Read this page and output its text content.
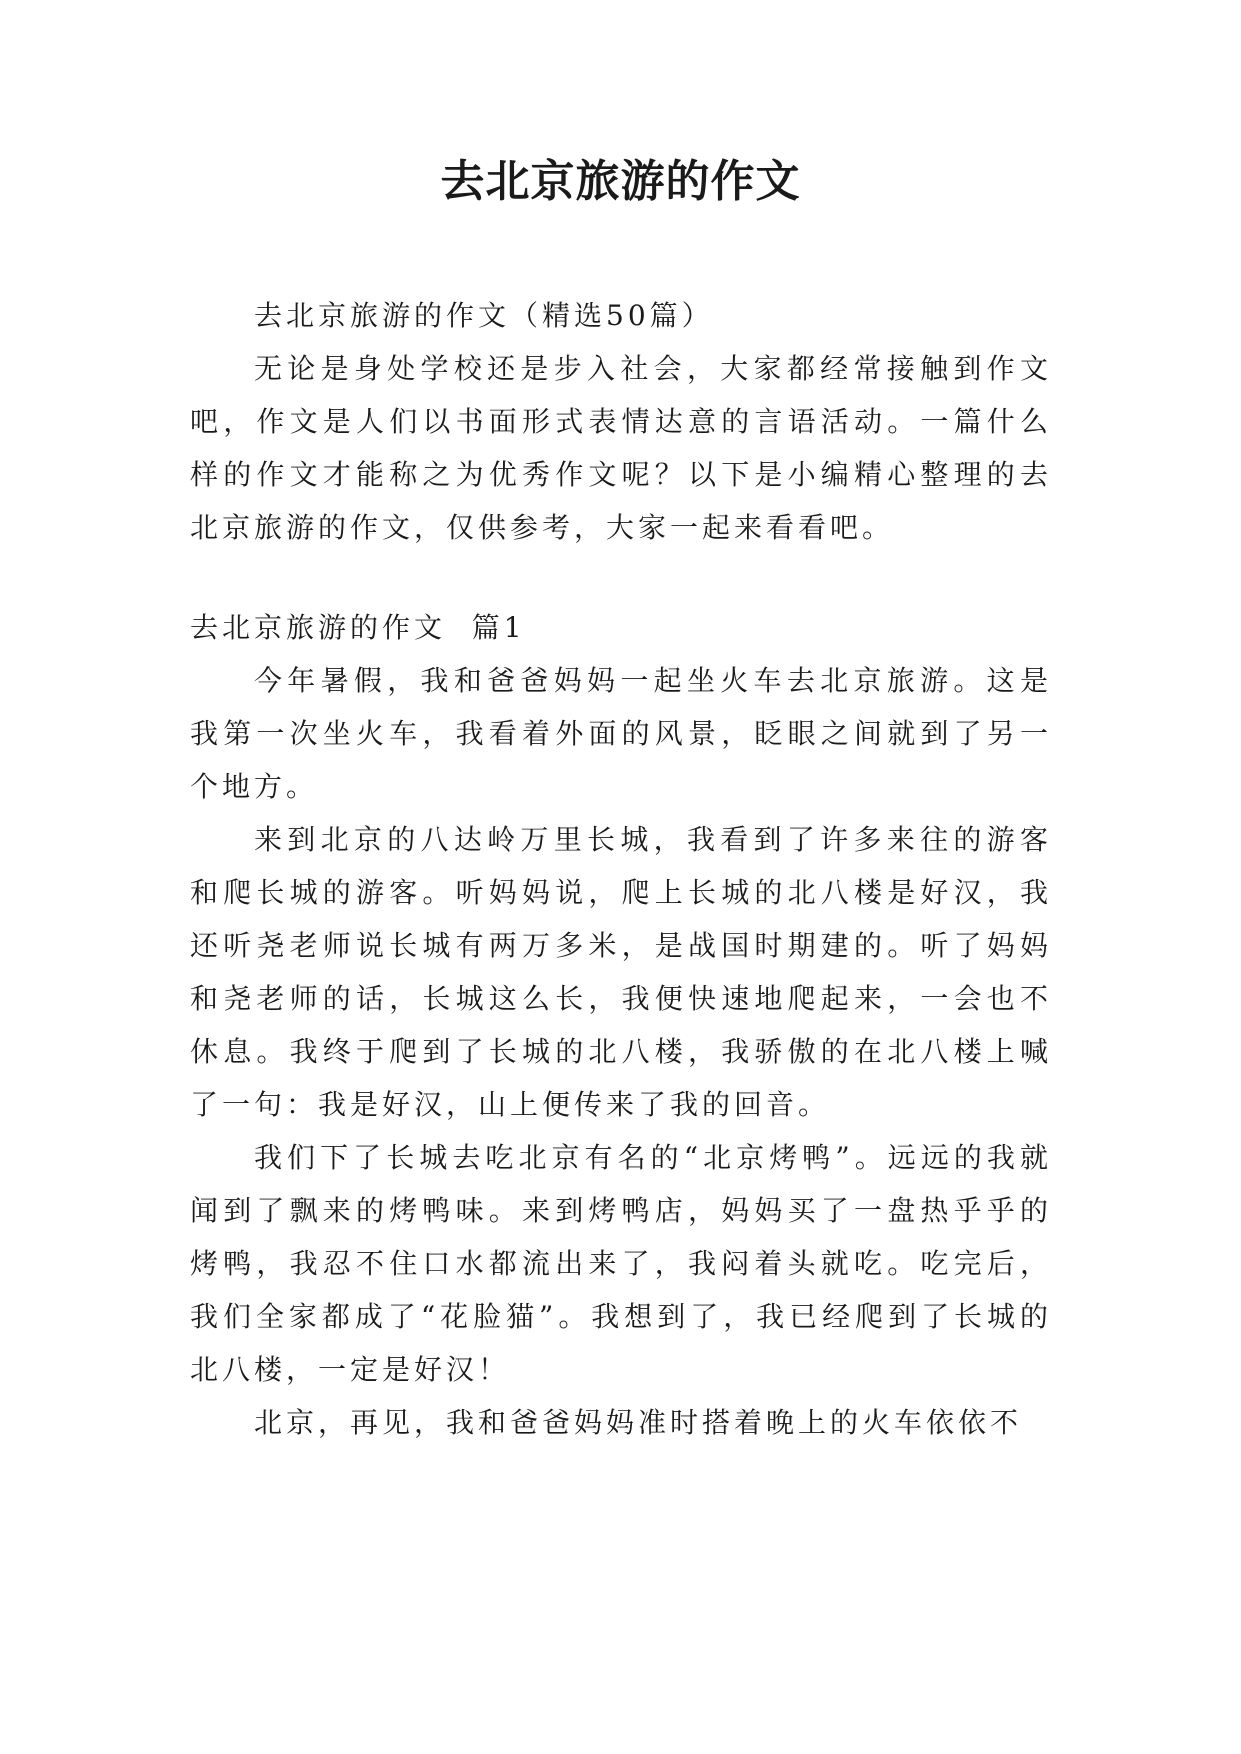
去北京旅游的作文

去北京旅游的作文（精选50篇）

无论是身处学校还是步入社会，大家都经常接触到作文吧，作文是人们以书面形式表情达意的言语活动。一篇什么样的作文才能称之为优秀作文呢？以下是小编精心整理的去北京旅游的作文，仅供参考，大家一起来看看吧。

去北京旅游的作文  篇1

今年暑假，我和爸爸妈妈一起坐火车去北京旅游。这是我第一次坐火车，我看着外面的风景，眨眼之间就到了另一个地方。

来到北京的八达岭万里长城，我看到了许多来往的游客和爬长城的游客。听妈妈说，爬上长城的北八楼是好汉，我还听尧老师说长城有两万多米，是战国时期建的。听了妈妈和尧老师的话，长城这么长，我便快速地爬起来，一会也不休息。我终于爬到了长城的北八楼，我骄傲的在北八楼上喊了一句：我是好汉，山上便传来了我的回音。

我们下了长城去吃北京有名的“北京烤鸭”。远远的我就闻到了飘来的烤鸭味。来到烤鸭店，妈妈买了一盘热乎乎的烤鸭，我忍不住口水都流出来了，我闷着头就吃。吃完后，我们全家都成了“花脸猫”。我想到了，我已经爬到了长城的北八楼，一定是好汉！

北京，再见，我和爸爸妈妈准时搭着晚上的火车依依不
